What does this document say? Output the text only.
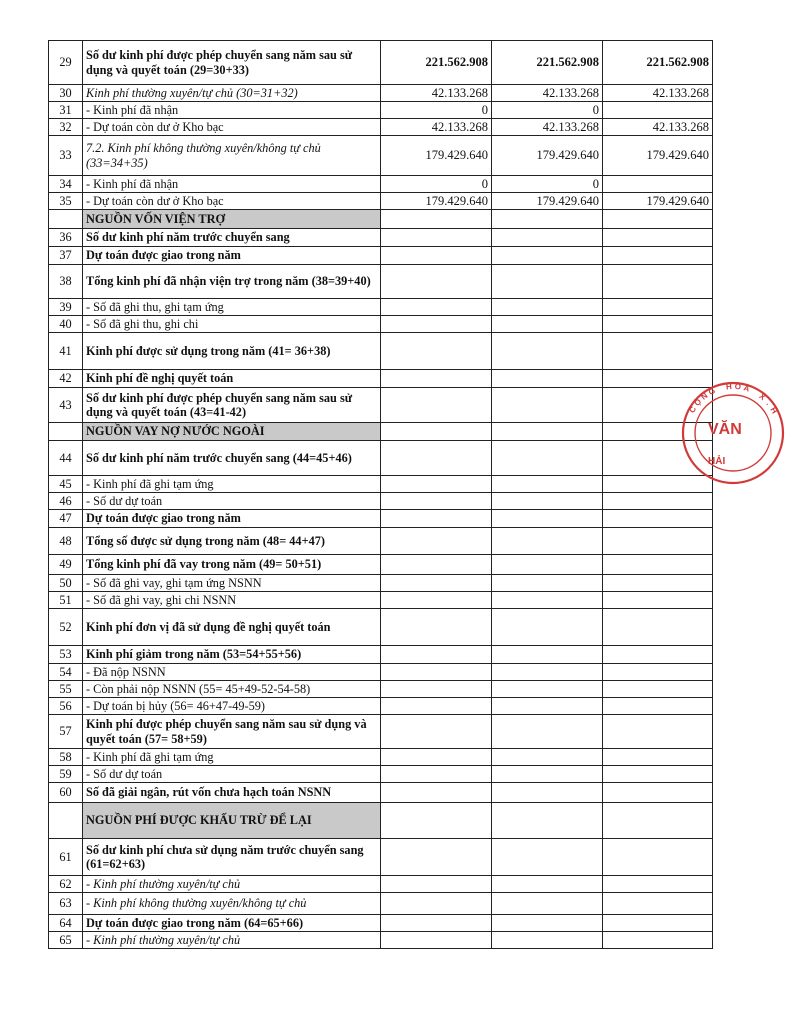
29	Số dư kinh phí được phép chuyển sang năm sau sử dụng và quyết toán (29=30+33)	221.562.908	221.562.908	221.562.908
30	Kinh phí thường xuyên/tự chủ (30=31+32)	42.133.268	42.133.268	42.133.268
31	- Kinh phí đã nhận	0	0	
32	- Dự toán còn dư ở Kho bạc	42.133.268	42.133.268	42.133.268
33	7.2. Kinh phí không thường xuyên/không tự chủ (33=34+35)	179.429.640	179.429.640	179.429.640
34	- Kinh phí đã nhận	0	0	
35	- Dự toán còn dư ở Kho bạc	179.429.640	179.429.640	179.429.640
	NGUỒN VỐN VIỆN TRỢ			
36	Số dư kinh phí năm trước chuyển sang			
37	Dự toán được giao trong năm			
38	Tổng kinh phí đã nhận viện trợ trong năm (38=39+40)			
39	- Số đã ghi thu, ghi tạm ứng			
40	- Số đã ghi thu, ghi chi			
41	Kinh phí được sử dụng trong năm (41= 36+38)			
42	Kinh phí đề nghị quyết toán			
43	Số dư kinh phí được phép chuyển sang năm sau sử dụng và quyết toán (43=41-42)			
	NGUỒN VAY NỢ NƯỚC NGOÀI			
44	Số dư kinh phí năm trước chuyển sang (44=45+46)			
45	- Kinh phí đã ghi tạm ứng			
46	- Số dư dự toán			
47	Dự toán được giao trong năm			
48	Tổng số được sử dụng trong năm (48= 44+47)			
49	Tổng kinh phí đã vay trong năm (49= 50+51)			
50	- Số đã ghi vay, ghi tạm ứng NSNN			
51	- Số đã ghi vay, ghi chi NSNN			
52	Kinh phí đơn vị đã sử dụng đề nghị quyết toán			
53	Kinh phí giảm trong năm (53=54+55+56)			
54	- Đã nộp NSNN			
55	- Còn phải nộp NSNN (55= 45+49-52-54-58)			
56	- Dự toán bị hủy (56= 46+47-49-59)			
57	Kinh phí được phép chuyển sang năm sau sử dụng và quyết toán (57= 58+59)			
58	- Kinh phí đã ghi tạm ứng			
59	- Số dư dự toán			
60	Số đã giải ngân, rút vốn chưa hạch toán NSNN			
	NGUỒN PHÍ ĐƯỢC KHẤU TRỪ ĐỂ LẠI			
61	Số dư kinh phí chưa sử dụng năm trước chuyển sang (61=62+63)			
62	- Kinh phí thường xuyên/tự chủ			
63	- Kinh phí không thường xuyên/không tự chủ			
64	Dự toán được giao trong năm (64=65+66)			
65	- Kinh phí thường xuyên/tự chủ			
C
Ộ
N
G H Ò A
X
.
H
VĂN
HẢI
